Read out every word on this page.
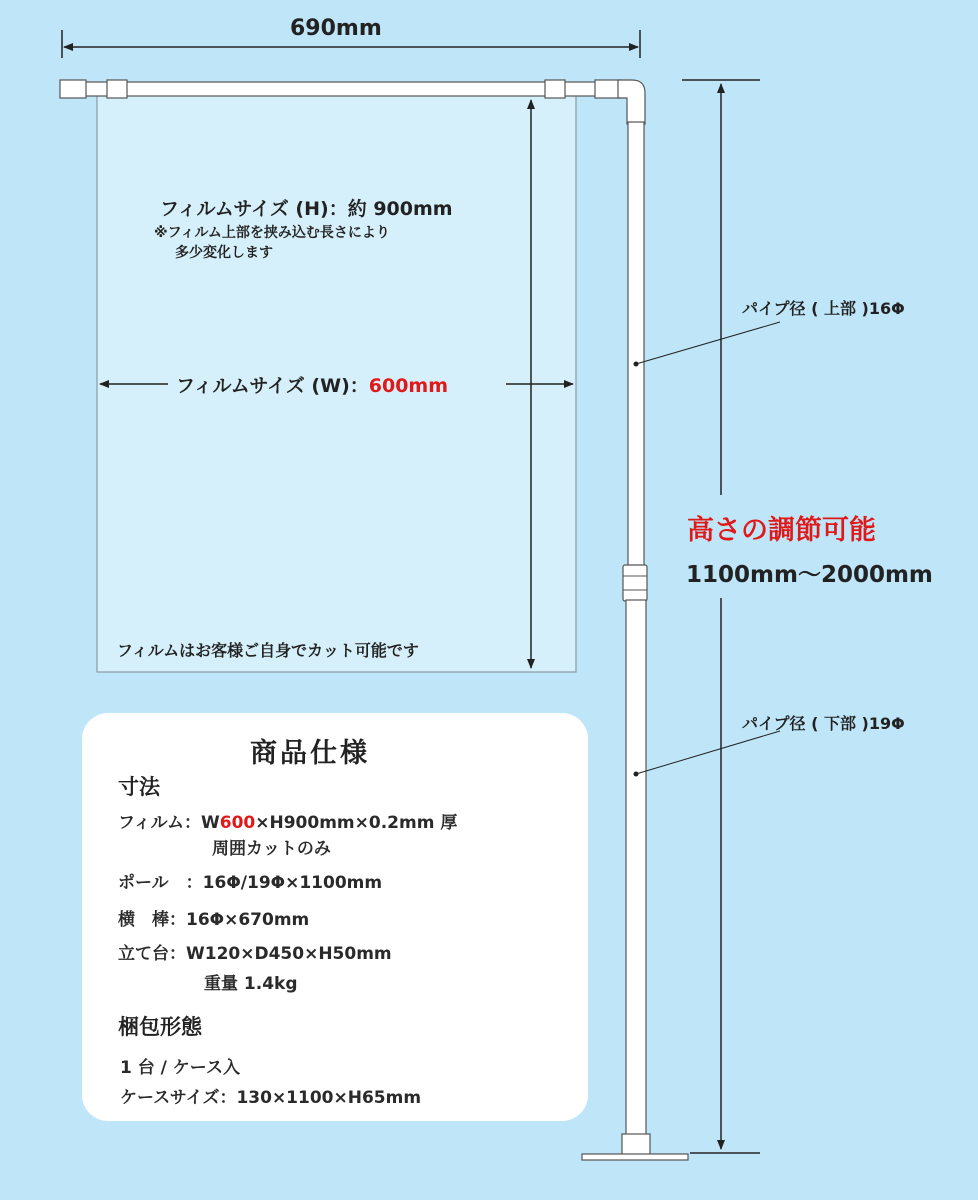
690mm
フィルムサイズ (H)：約 900mm
※フィルム上部を挟み込む長さにより
多少変化します
フィルムサイズ (W)：600mm
フィルムはお客様ご自身でカット可能です
パイプ径 ( 上部 )16Φ
パイプ径 ( 下部 )19Φ
高さの調節可能
1100mm～2000mm
商品仕様
寸法
フィルム：W600×H900mm×0.2mm 厚
周囲カットのみ
ポール　：16Φ/19Φ×1100mm
横　棒：16Φ×670mm
立て台：W120×D450×H50mm
重量 1.4kg
梱包形態
1 台 / ケース入
ケースサイズ：130×1100×H65mm
